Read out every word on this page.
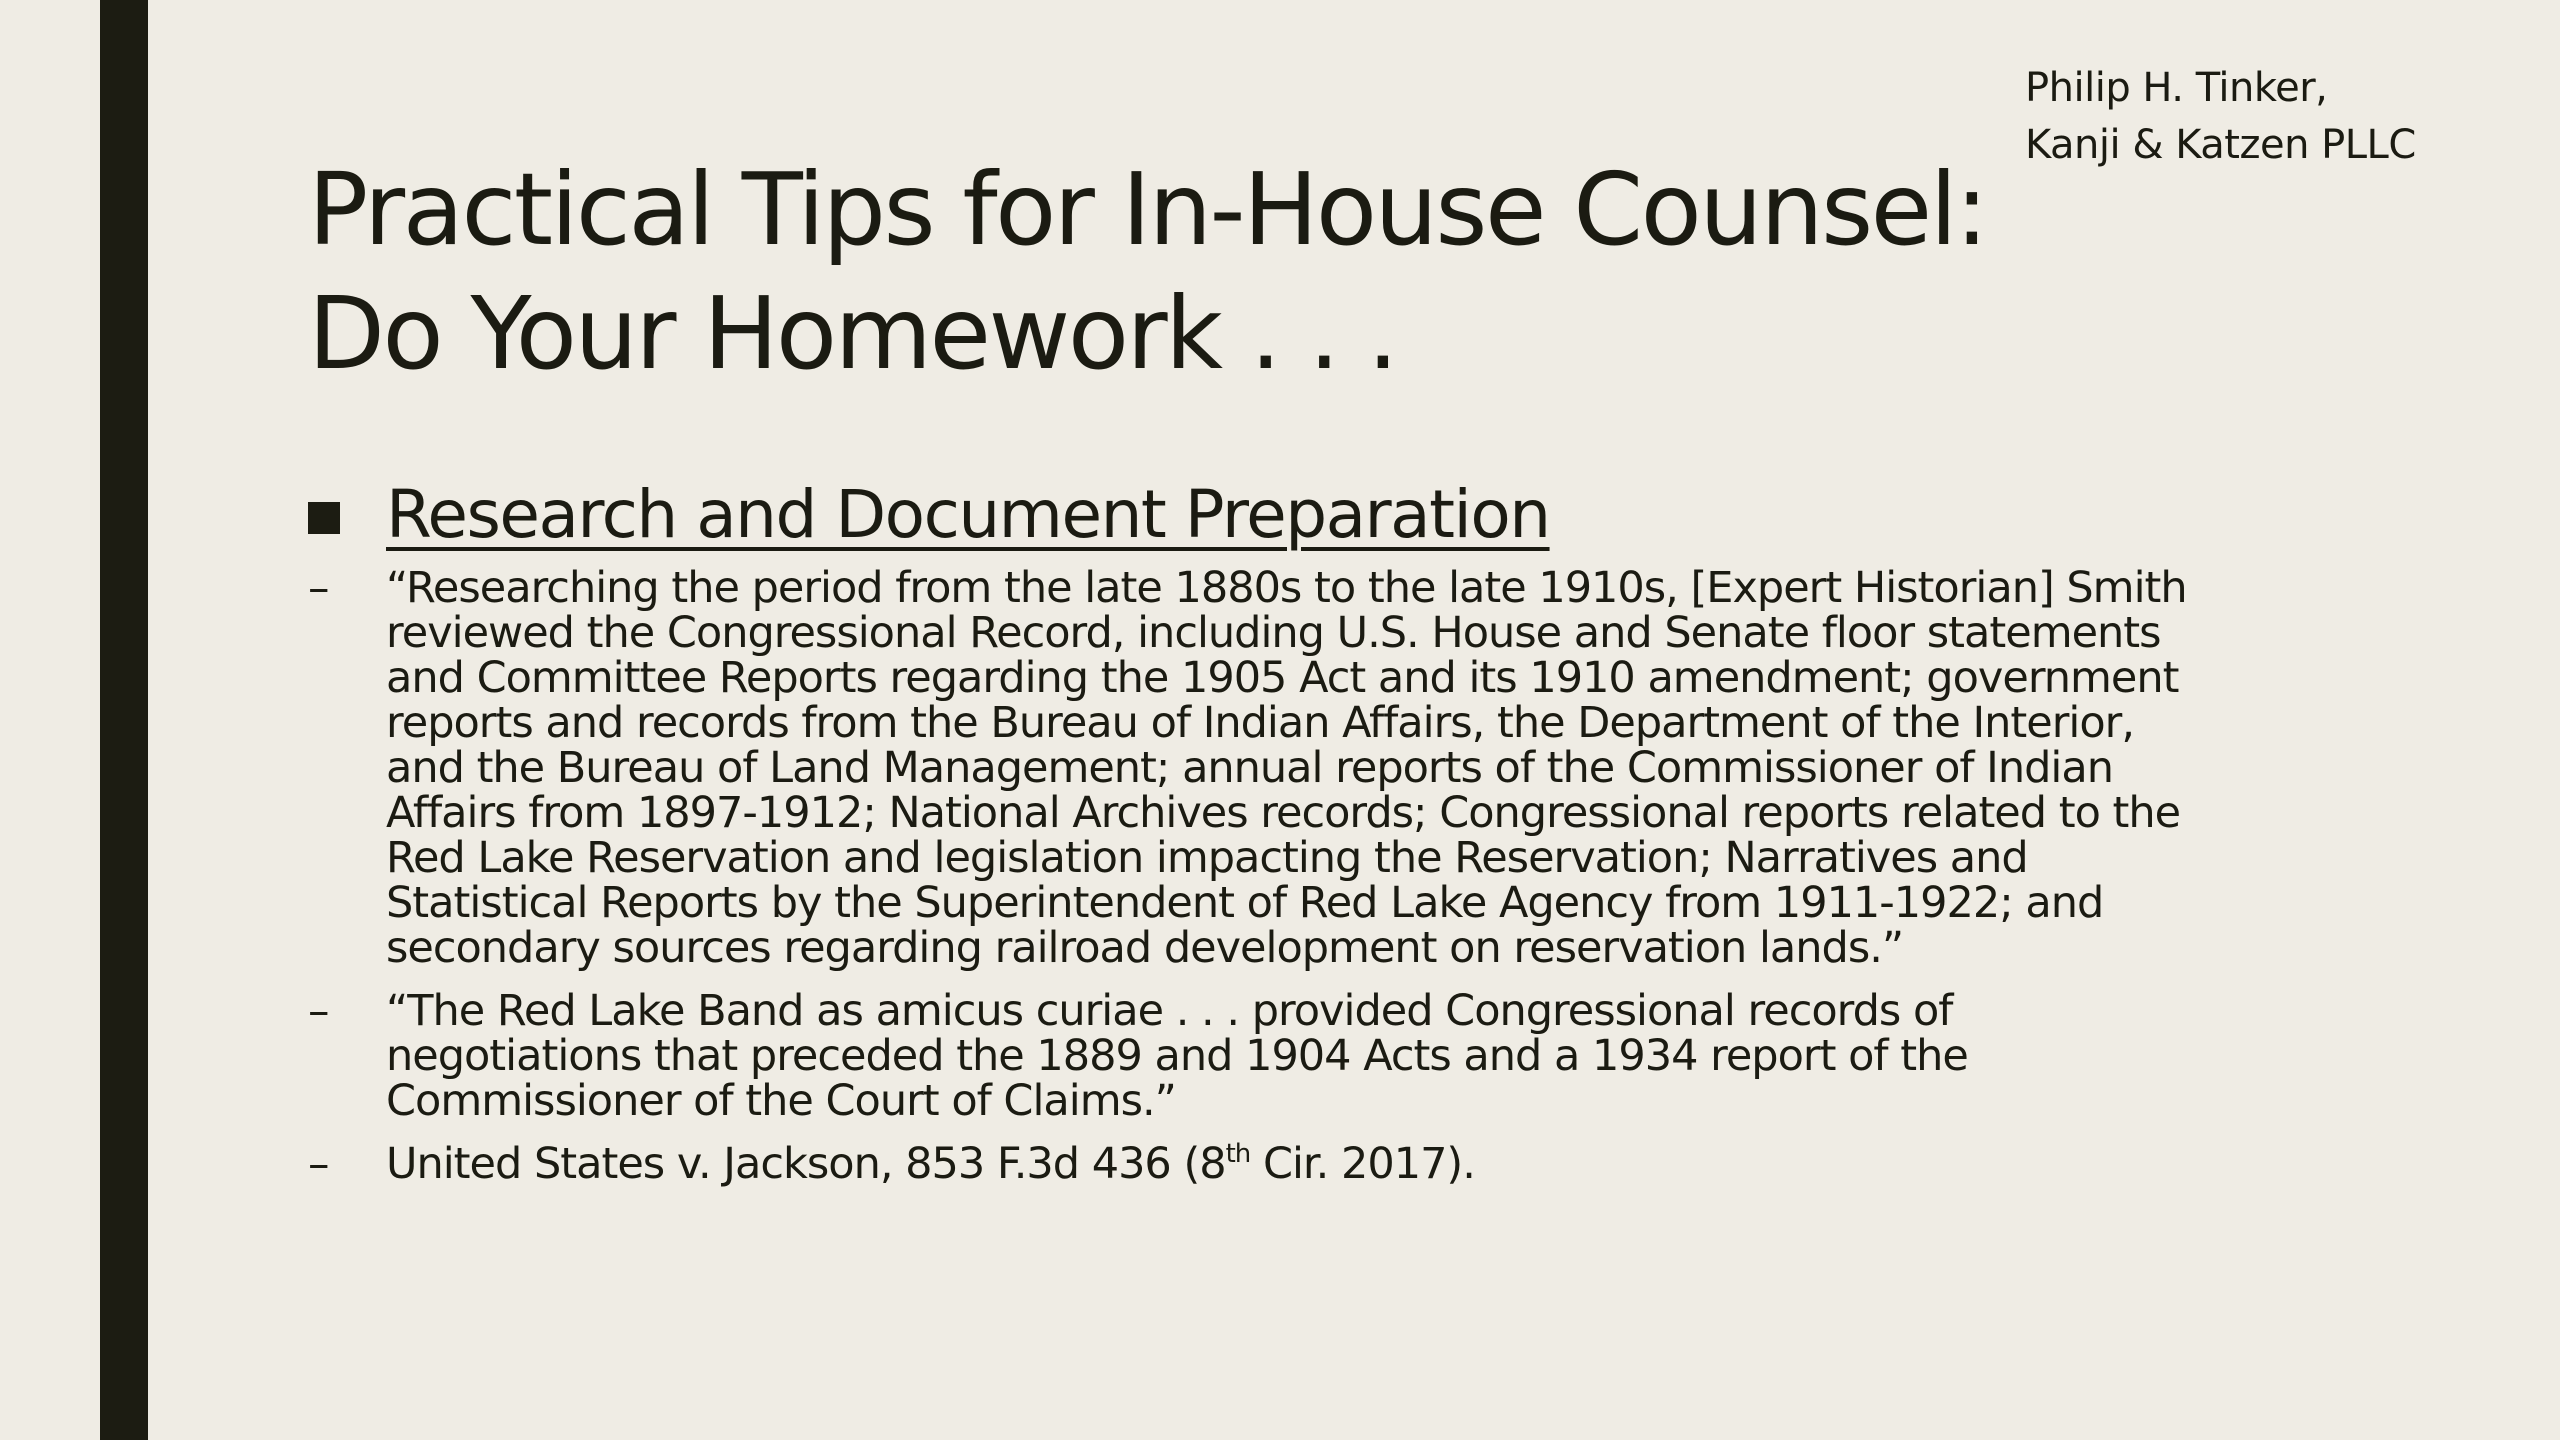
Philip H. Tinker,
Kanji & Katzen PLLC
Practical Tips for In-House Counsel:
Do Your Homework . . .
Research and Document Preparation
–	“Researching the period from the late 1880s to the late 1910s, [Expert Historian] Smith
reviewed the Congressional Record, including U.S. House and Senate floor statements
and Committee Reports regarding the 1905 Act and its 1910 amendment; government
reports and records from the Bureau of Indian Affairs, the Department of the Interior,
and the Bureau of Land Management; annual reports of the Commissioner of Indian
Affairs from 1897-1912; National Archives records; Congressional reports related to the
Red Lake Reservation and legislation impacting the Reservation; Narratives and
Statistical Reports by the Superintendent of Red Lake Agency from 1911-1922; and
secondary sources regarding railroad development on reservation lands.”
–	“The Red Lake Band as amicus curiae . . . provided Congressional records of
negotiations that preceded the 1889 and 1904 Acts and a 1934 report of the
Commissioner of the Court of Claims.”
–	United States v. Jackson, 853 F.3d 436 (8th Cir. 2017).
